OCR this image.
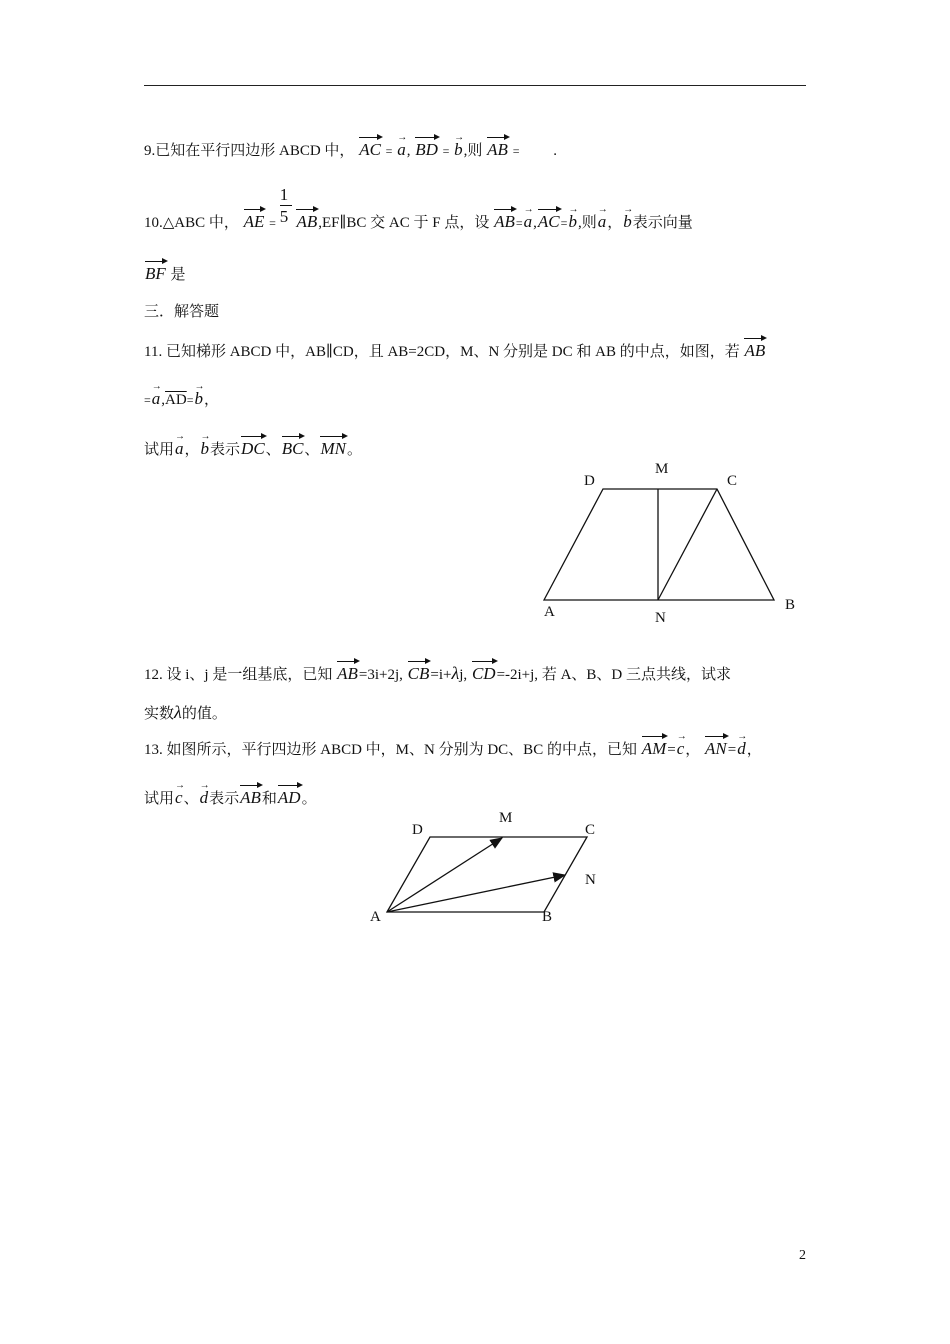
9.已知在平行四边形 ABCD 中， AC = → a, BD = → b,则 AB = .
10.△ABC 中， AE = $\frac{1}{5}$ AB,EF∥BC 交 AC 于 F 点，设 AB=→ a,AC=→ b,则→ a，→ b表示向量
BF 是
三．解答题
11. 已知梯形 ABCD 中，AB∥CD，且 AB=2CD，M、N 分别是 DC 和 AB 的中点，如图，若 AB
=→ $a,\overline{AD}=\to b$，
试用→ a，→ b表示DC、BC、MN。
D
M
C
A	N
B
12. 设 i、j 是一组基底，已知 AB=3i+2j, CB=i+λj, CD=-2i+j, 若 A、B、D 三点共线，试求
实数λ的值。
13. 如图所示，平行四边形 ABCD 中，M、N 分别为 DC、BC 的中点，已知 AM=→ c， AN=→ d，
试用→ c、→ d表示AB和AD。
D
M
C
N
A	B
2
